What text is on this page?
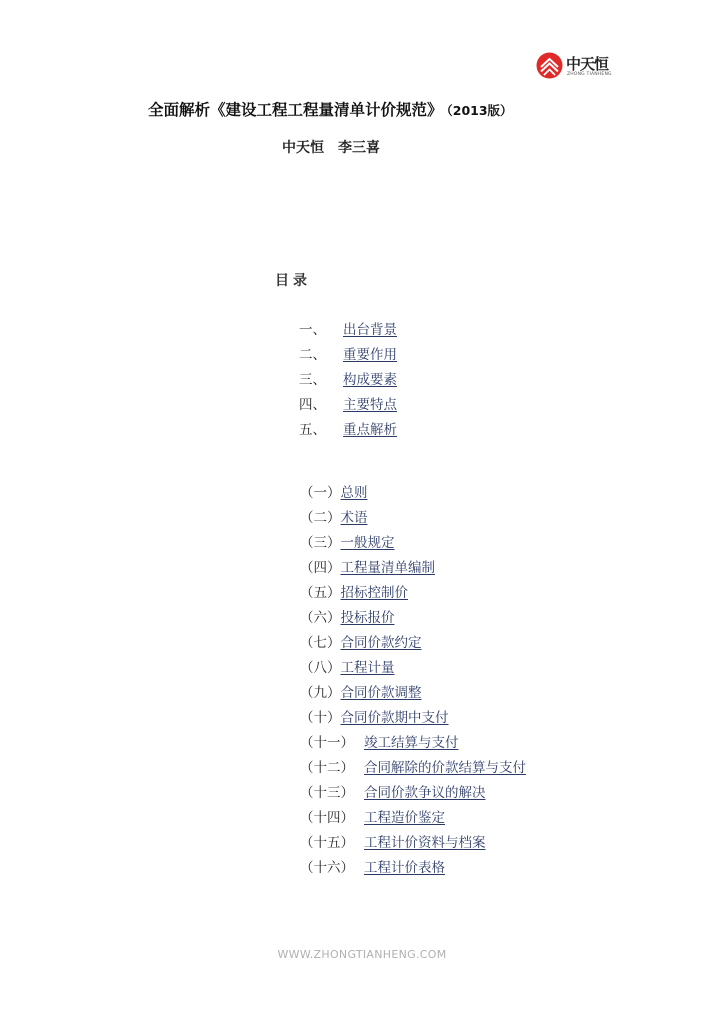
中天恒
ZHONG TIANHENG
全面解析《建设工程工程量清单计价规范》 （2013版）
中天恒 李三喜
目录
一、 出台背景
二、 重要作用
三、 构成要素
四、 主要特点
五、 重点解析
（一）总则
（二）术语
（三）一般规定
（四）工程量清单编制
（五）招标控制价
（六）投标报价
（七）合同价款约定
（八）工程计量
（九）合同价款调整
（十）合同价款期中支付
（十一） 竣工结算与支付
（十二） 合同解除的价款结算与支付
（十三） 合同价款争议的解决
（十四） 工程造价鉴定
（十五） 工程计价资料与档案
（十六） 工程计价表格
WWW.ZHONGTIANHENG.COM
